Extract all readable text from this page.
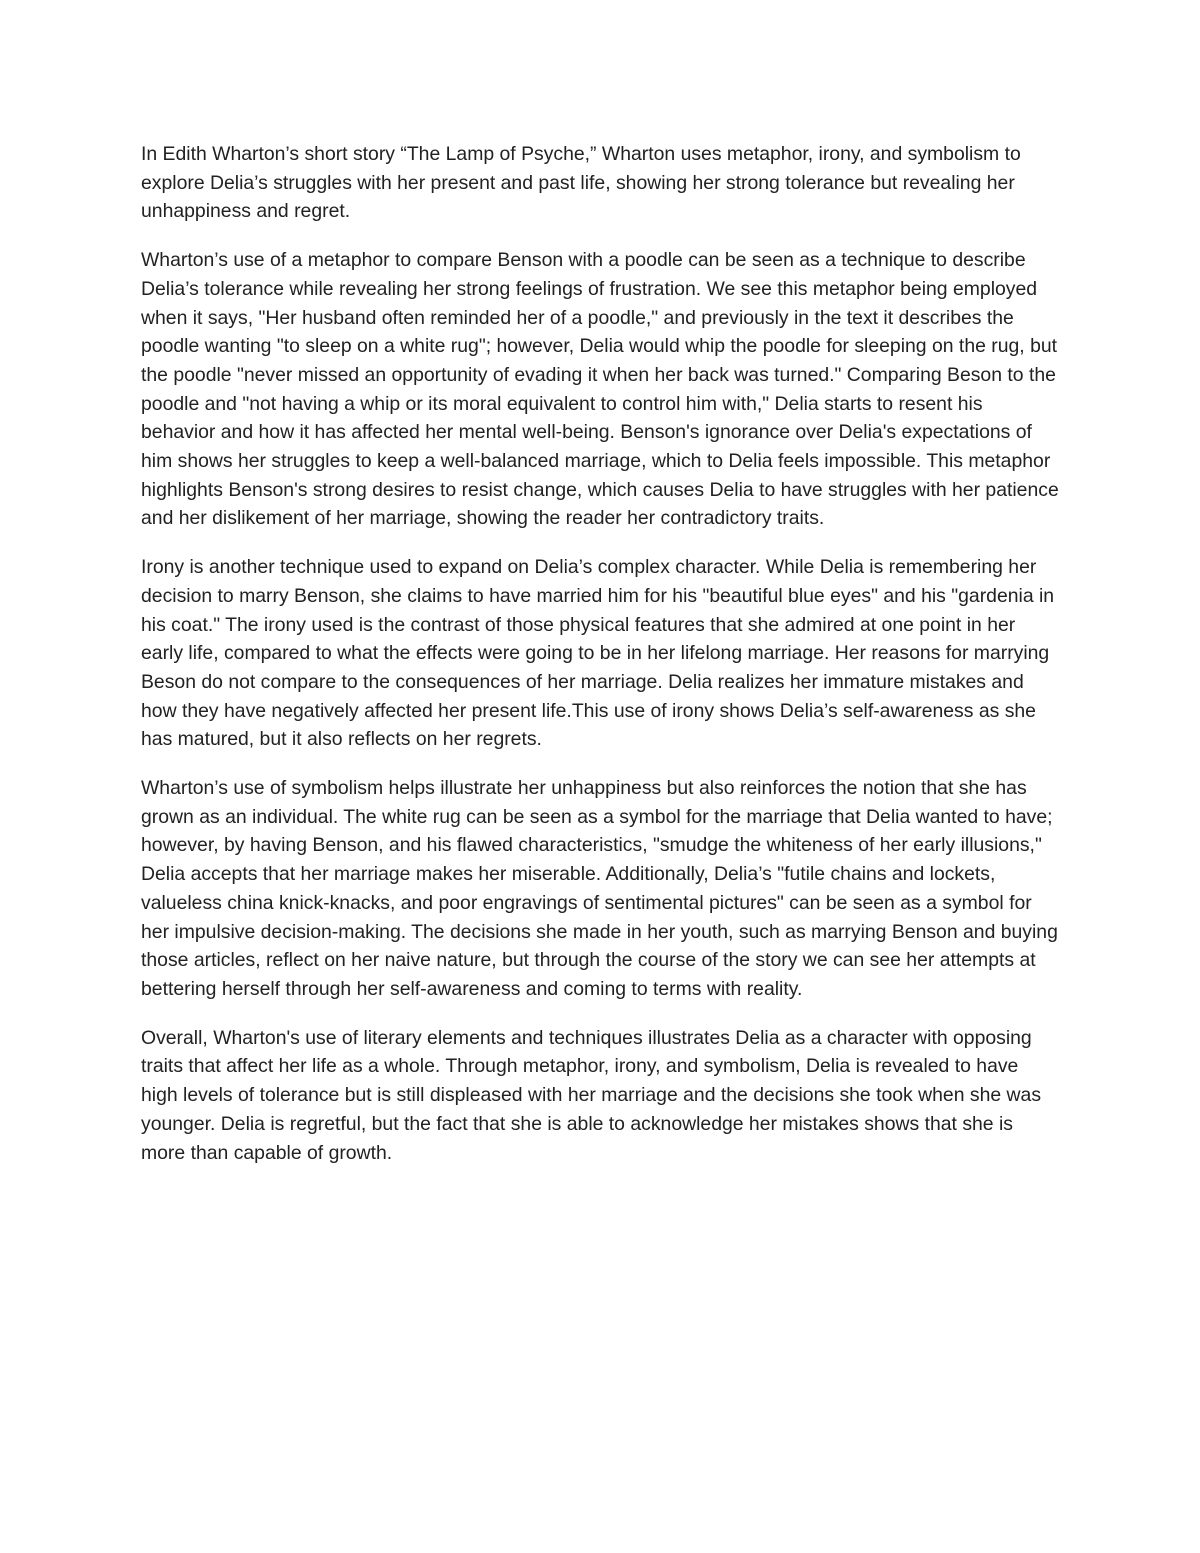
In Edith Wharton’s short story “The Lamp of Psyche,” Wharton uses metaphor, irony, and symbolism to explore Delia’s struggles with her present and past life, showing her strong tolerance but revealing her unhappiness and regret.

Wharton’s use of a metaphor to compare Benson with a poodle can be seen as a technique to describe Delia’s tolerance while revealing her strong feelings of frustration. We see this metaphor being employed when it says, "Her husband often reminded her of a poodle," and previously in the text it describes the poodle wanting "to sleep on a white rug"; however, Delia would whip the poodle for sleeping on the rug, but the poodle "never missed an opportunity of evading it when her back was turned." Comparing Beson to the poodle and "not having a whip or its moral equivalent to control him with," Delia starts to resent his behavior and how it has affected her mental well-being. Benson's ignorance over Delia's expectations of him shows her struggles to keep a well-balanced marriage, which to Delia feels impossible. This metaphor highlights Benson's strong desires to resist change, which causes Delia to have struggles with her patience and her dislikement of her marriage, showing the reader her contradictory traits.

Irony is another technique used to expand on Delia’s complex character. While Delia is remembering her decision to marry Benson, she claims to have married him for his "beautiful blue eyes" and his "gardenia in his coat." The irony used is the contrast of those physical features that she admired at one point in her early life, compared to what the effects were going to be in her lifelong marriage. Her reasons for marrying Beson do not compare to the consequences of her marriage. Delia realizes her immature mistakes and how they have negatively affected her present life.This use of irony shows Delia’s self-awareness as she has matured, but it also reflects on her regrets.

Wharton’s use of symbolism helps illustrate her unhappiness but also reinforces the notion that she has grown as an individual. The white rug can be seen as a symbol for the marriage that Delia wanted to have; however, by having Benson, and his flawed characteristics, "smudge the whiteness of her early illusions," Delia accepts that her marriage makes her miserable. Additionally, Delia’s "futile chains and lockets, valueless china knick-knacks, and poor engravings of sentimental pictures" can be seen as a symbol for her impulsive decision-making. The decisions she made in her youth, such as marrying Benson and buying those articles, reflect on her naive nature, but through the course of the story we can see her attempts at bettering herself through her self-awareness and coming to terms with reality.

Overall, Wharton's use of literary elements and techniques illustrates Delia as a character with opposing traits that affect her life as a whole. Through metaphor, irony, and symbolism, Delia is revealed to have high levels of tolerance but is still displeased with her marriage and the decisions she took when she was younger. Delia is regretful, but the fact that she is able to acknowledge her mistakes shows that she is more than capable of growth.
